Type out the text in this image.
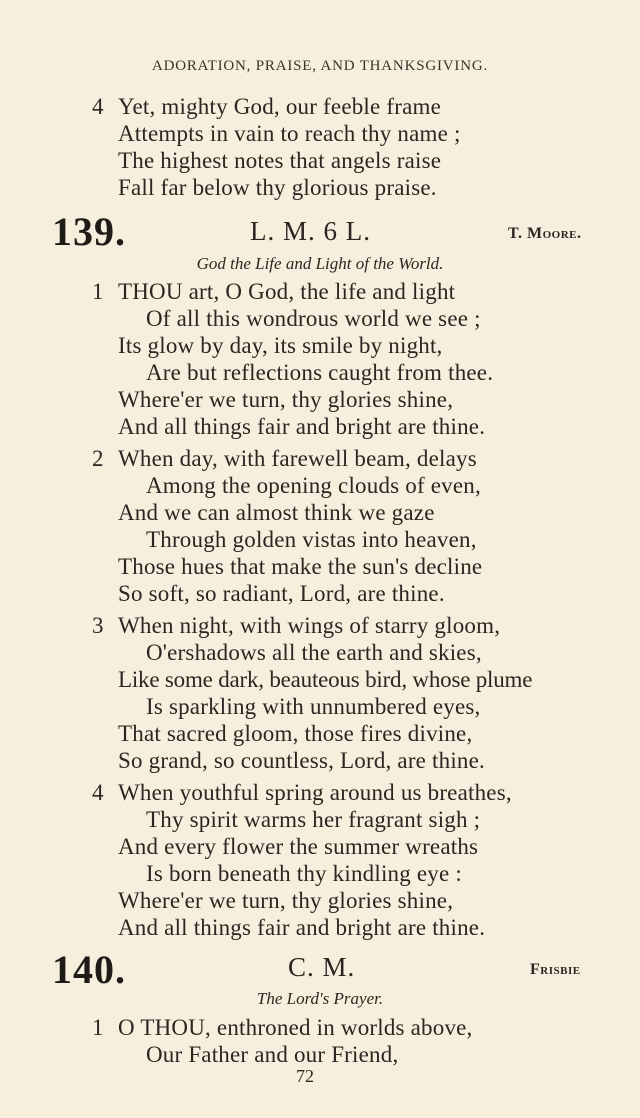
ADORATION, PRAISE, AND THANKSGIVING.
4 Yet, mighty God, our feeble frame
Attempts in vain to reach thy name ;
The highest notes that angels raise
Fall far below thy glorious praise.
139.	L. M. 6 L.	T. Moore.
God the Life and Light of the World.
1 THOU art, O God, the life and light
Of all this wondrous world we see ;
Its glow by day, its smile by night,
Are but reflections caught from thee.
Where'er we turn, thy glories shine,
And all things fair and bright are thine.
2 When day, with farewell beam, delays
Among the opening clouds of even,
And we can almost think we gaze
Through golden vistas into heaven,
Those hues that make the sun's decline
So soft, so radiant, Lord, are thine.
3 When night, with wings of starry gloom,
O'ershadows all the earth and skies,
Like some dark, beauteous bird, whose plume
Is sparkling with unnumbered eyes,
That sacred gloom, those fires divine,
So grand, so countless, Lord, are thine.
4 When youthful spring around us breathes,
Thy spirit warms her fragrant sigh ;
And every flower the summer wreaths
Is born beneath thy kindling eye :
Where'er we turn, thy glories shine,
And all things fair and bright are thine.
140.	C. M.	Frisbie
The Lord's Prayer.
1 O THOU, enthroned in worlds above,
Our Father and our Friend,
72
